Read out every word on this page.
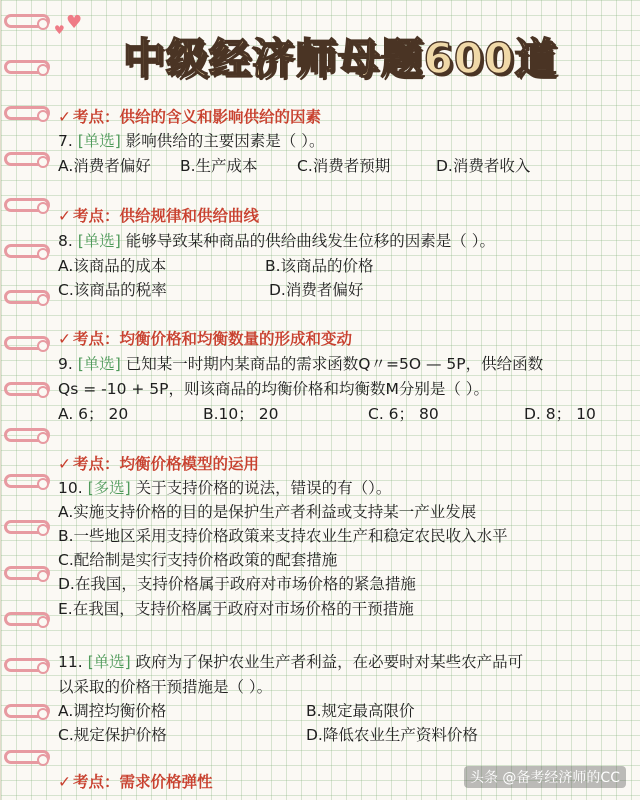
♥
♥
中级经济师母题600道
✓ 考点：供给的含义和影响供给的因素
7. [单选] 影响供给的主要因素是（ ）。
A.消费者偏好 B.生产成本	C.消费者预期	D.消费者收入
✓ 考点：供给规律和供给曲线
8. [单选] 能够导致某种商品的供给曲线发生位移的因素是（ ）。
A.该商品的成本	B.该商品的价格
C.该商品的税率	D.消费者偏好
✓ 考点：均衡价格和均衡数量的形成和变动
9. [单选] 已知某一时期内某商品的需求函数Q〃=5O — 5P，供给函数
Qs = -10 + 5P，则该商品的均衡价格和均衡数M分别是（ ）。
A. 6； 20	B.10； 20	C. 6； 80	D. 8； 10
✓ 考点：均衡价格模型的运用
10. [多选] 关于支持价格的说法，错误的有（）。
A.实施支持价格的目的是保护生产者利益或支持某一产业发展
B.一些地区采用支持价格政策来支持农业生产和稳定农民收入水平
C.配给制是实行支持价格政策的配套措施
D.在我国，支持价格属于政府对市场价格的紧急措施
E.在我国，支持价格属于政府对市场价格的干预措施
11. [单选] 政府为了保护农业生产者利益，在必要时对某些农产品可
以采取的价格干预措施是（ ）。
A.调控均衡价格	B.规定最高限价
C.规定保护价格	D.降低农业生产资料价格
✓ 考点：需求价格弹性	头条 @备考经济师的CC
